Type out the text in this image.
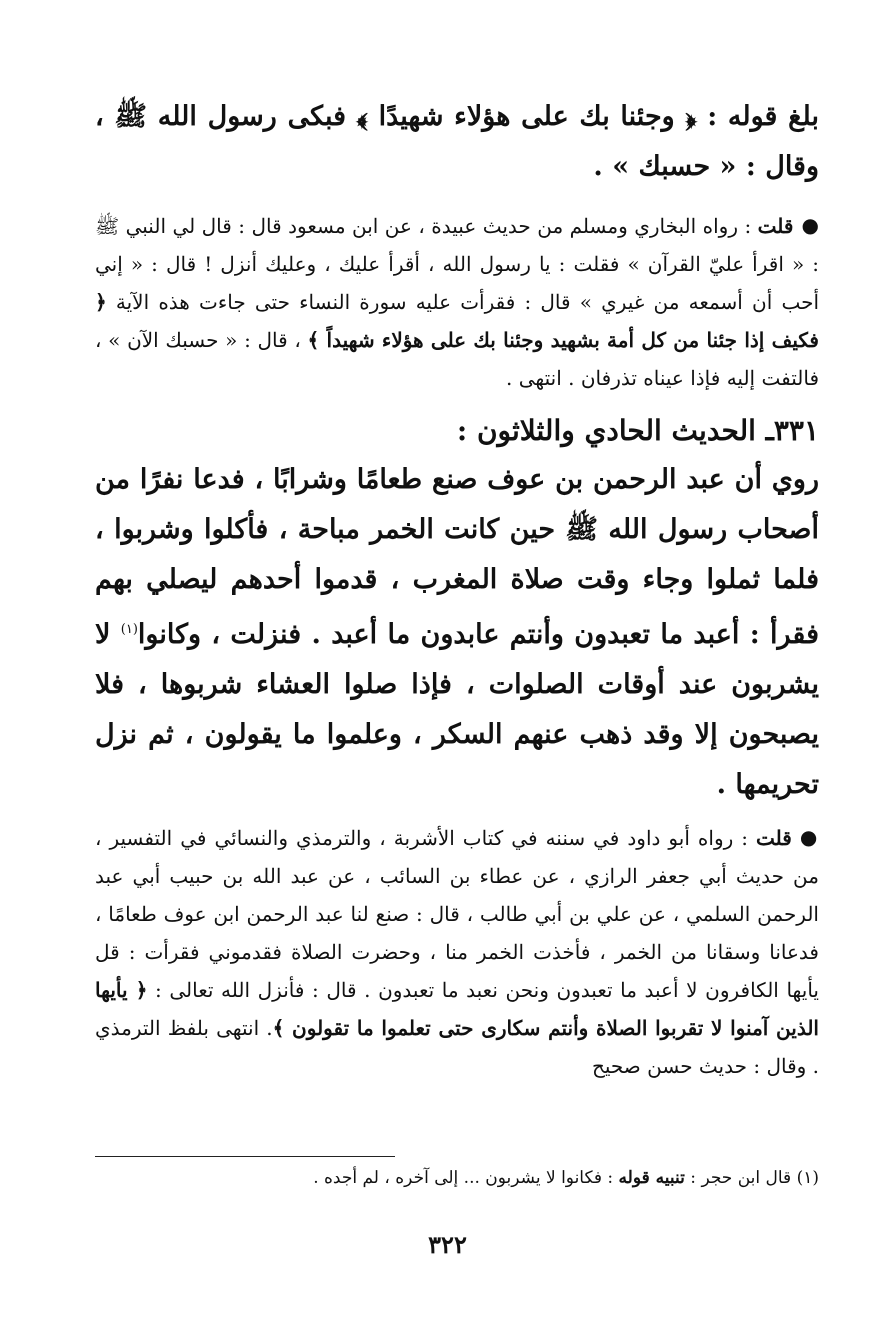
بلغ قوله : ﴿ وجئنا بك على هؤلاء شهيدًا ﴾ فبكى رسول الله ﷺ ، وقال : « حسبك » .

●قلت : رواه البخاري ومسلم من حديث عبيدة ، عن ابن مسعود قال : قال لي النبي ﷺ : « اقرأ عليّ القرآن » فقلت : يا رسول الله ، أقرأ عليك ، وعليك أنزل ! قال : « إني أحب أن أسمعه من غيري » قال : فقرأت عليه سورة النساء حتى جاءت هذه الآية ﴿ فكيف إذا جئنا من كل أمة بشهيد وجئنا بك على هؤلاء شهيداً ﴾ ، قال : « حسبك الآن » ، فالتفت إليه فإذا عيناه تذرفان . انتهى .

٣٣١ـ الحديث الحادي والثلاثون :

روي أن عبد الرحمن بن عوف صنع طعامًا وشرابًا ، فدعا نفرًا من أصحاب رسول الله ﷺ حين كانت الخمر مباحة ، فأكلوا وشربوا ، فلما ثملوا وجاء وقت صلاة المغرب ، قدموا أحدهم ليصلي بهم فقرأ : أعبد ما تعبدون وأنتم عابدون ما أعبد . فنزلت ، وكانوا$^{(١)}$ لا يشربون عند أوقات الصلوات ، فإذا صلوا العشاء شربوها ، فلا يصبحون إلا وقد ذهب عنهم السكر ، وعلموا ما يقولون ، ثم نزل تحريمها .

●قلت : رواه أبو داود في سننه في كتاب الأشربة ، والترمذي والنسائي في التفسير ، من حديث أبي جعفر الرازي ، عن عطاء بن السائب ، عن عبد الله بن حبيب أبي عبد الرحمن السلمي ، عن علي بن أبي طالب ، قال : صنع لنا عبد الرحمن ابن عوف طعامًا ، فدعانا وسقانا من الخمر ، فأخذت الخمر منا ، وحضرت الصلاة فقدموني فقرأت : قل يأيها الكافرون لا أعبد ما تعبدون ونحن نعبد ما تعبدون . قال : فأنزل الله تعالى : ﴿ يأيها الذين آمنوا لا تقربوا الصلاة وأنتم سكارى حتى تعلموا ما تقولون ﴾. انتهى بلفظ الترمذي . وقال : حديث حسن صحيح

(١) قال ابن حجر : تنبيه قوله : فكانوا لا يشربون ... إلى آخره ، لم أجده .
٣٢٢
